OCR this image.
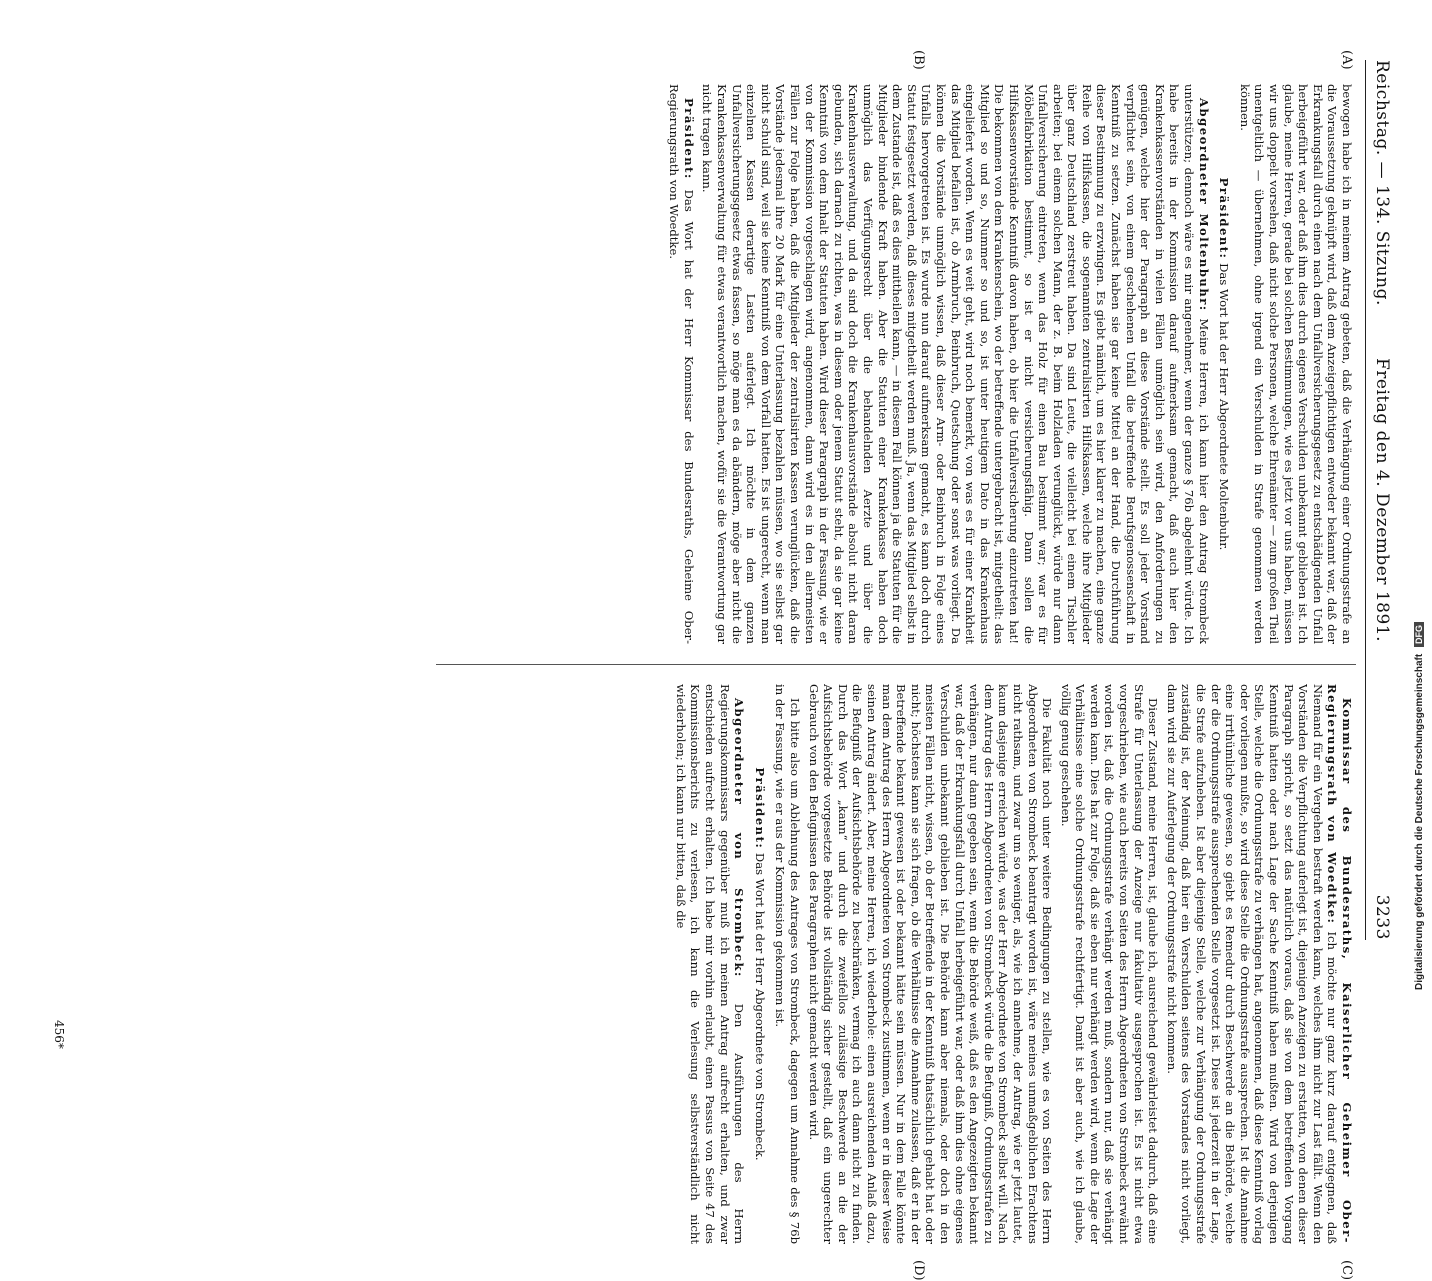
Reichstag. — 134. Sitzung.
Freitag den 4. Dezember 1891.
3233
(A)
(B)
(C)
(D)

bewogen habe ich in meinem Antrag gebeten, daß die Verhängung einer Ordnungsstrafe an die Voraussetzung geknüpft wird, daß dem Anzeigepflichtigen entweder bekannt war, daß der Erkrankungsfall durch einen nach dem Unfallversicherungsgesetz zu entschädigenden Unfall herbeigeführt war, oder daß ihm dies durch eigenes Verschulden unbekannt geblieben ist. Ich glaube, meine Herren, gerade bei solchen Bestimmungen, wie es jetzt vor uns haben, müssen wir uns doppelt vorsehen, daß nicht solche Personen, welche Ehrenämter — zum großen Theil unentgeltlich — übernehmen, ohne irgend ein Verschulden in Strafe genommen werden können.

Präsident: Das Wort hat der Herr Abgeordnete Moltenbuhr.

Abgeordneter Moltenbuhr: Meine Herren, ich kann hier den Antrag Strombeck unterstützen; dennoch wäre es mir angenehmer, wenn der ganze § 76b abgelehnt würde. Ich habe bereits in der Kommission darauf aufmerksam gemacht, daß auch hier den Krankenkassenvorständen in vielen Fällen unmöglich sein wird, den Anforderungen zu genügen, welche hier der Paragraph an diese Vorstände stellt. Es soll jeder Vorstand verpflichtet sein, von einem geschehenen Unfall die betreffende Berufsgenossenschaft in Kenntniß zu setzen. Zunächst haben sie gar keine Mittel an der Hand, die Durchführung dieser Bestimmung zu erzwingen. Es giebt nämlich, um es hier klarer zu machen, eine ganze Reihe von Hilfskassen, die sogenannten zentralisirten Hilfskassen, welche ihre Mitglieder über ganz Deutschland zerstreut haben. Da sind Leute, die vielleicht bei einem Tischler arbeiten; bei einem solchen Mann, der z. B. beim Holzladen verunglückt, würde nur dann Unfallversicherung eintreten, wenn das Holz für einen Bau bestimmt war; war es für Möbelfabrikation bestimmt, so ist er nicht versicherungsfähig. Dann sollen die Hilfskassenvorstände Kenntniß davon haben, ob hier die Unfallversicherung einzutreten hat! Die bekommen von dem Krankenschein, wo der betreffende untergebracht ist, mitgetheilt: das Mitglied so und so, Nummer so und so, ist unter heutigem Dato in das Krankenhaus eingeliefert worden. Wenn es weit geht, wird noch bemerkt, von was es für einer Krankheit das Mitglied befallen ist, ob Armbruch, Beinbruch, Quetschung oder sonst was vorliegt. Da können die Vorstände unmöglich wissen, daß dieser Arm- oder Beinbruch in Folge eines Unfalls hervorgetreten ist. Es wurde nun darauf aufmerksam gemacht, es kann doch durch Statut festgesetzt werden, daß dieses mitgetheilt werden muß. Ja, wenn das Mitglied selbst in dem Zustande ist, daß es dies mittheilen kann, — in diesem Fall können ja die Statuten für die Mitglieder bindende Kraft haben. Aber die Statuten einer Krankenkasse haben doch unmöglich das Verfügungsrecht über die behandelnden Aerzte und über die Krankenhausverwaltung, und da sind doch die Krankenhausvorstände absolut nicht daran gebunden, sich darnach zu richten, was in diesem oder jenem Statut steht, da sie gar keine Kenntniß von dem Inhalt der Statuten haben. Wird dieser Paragraph in der Fassung, wie er von der Kommission vorgeschlagen wird, angenommen, dann wird es in den allermeisten Fällen zur Folge haben, daß die Mitglieder der zentralisirten Kassen verunglücken, daß die Vorstände jedesmal ihre 20 Mark für eine Unterlassung bezahlen müssen, wo sie selbst gar nicht schuld sind, weil sie keine Kenntniß von dem Vorfall hatten. Es ist ungerecht, wenn man einzelnen Kassen derartige Lasten auferlegt. Ich möchte in dem ganzen Unfallversicherungsgesetz etwas fassen, so möge man es da abändern, möge aber nicht die Krankenkassenverwaltung für etwas verantwortlich machen, wofür sie die Verantwortung gar nicht tragen kann.

Präsident: Das Wort hat der Herr Kommissar des Bundesraths, Geheime Ober-Regierungsrath von Woedtke.

Kommissar des Bundesraths, Kaiserlicher Geheimer Ober-Regierungsrath von Woedtke: Ich möchte nur ganz kurz darauf entgegnen, daß Niemand für ein Vergehen bestraft werden kann, welches ihm nicht zur Last fällt. Wenn den Vorständen die Verpflichtung auferlegt ist, diejenigen Anzeigen zu erstatten, von denen dieser Paragraph spricht, so setzt das natürlich voraus, daß sie von dem betreffenden Vorgang Kenntniß hatten oder nach Lage der Sache Kenntniß haben mußten. Wird von derjenigen Stelle, welche die Ordnungsstrafe zu verhängen hat, angenommen, daß diese Kenntniß vorlag oder vorliegen mußte, so wird diese Stelle die Ordnungsstrafe aussprechen. Ist die Annahme eine irrthümliche gewesen, so giebt es Remedur durch Beschwerde an die Behörde, welche der die Ordnungsstrafe aussprechenden Stelle vorgesetzt ist. Diese ist jederzeit in der Lage, die Strafe aufzuheben. Ist aber diejenige Stelle, welche zur Verhängung der Ordnungsstrafe zuständig ist, der Meinung, daß hier ein Verschulden seitens des Vorstandes nicht vorliegt, dann wird sie zur Auferlegung der Ordnungsstrafe nicht kommen.

Dieser Zustand, meine Herren, ist, glaube ich, ausreichend gewährleistet dadurch, daß eine Strafe für Unterlassung der Anzeige nur fakultativ ausgesprochen ist. Es ist nicht etwa vorgeschrieben, wie auch bereits von Seiten des Herrn Abgeordneten von Strombeck erwähnt worden ist, daß die Ordnungsstrafe verhängt werden muß, sondern nur, daß sie verhängt werden kann. Dies hat zur Folge, daß sie eben nur verhängt werden wird, wenn die Lage der Verhältnisse eine solche Ordnungsstrafe rechtfertigt. Damit ist aber auch, wie ich glaube, völlig genug geschehen.

Die Fakultät noch unter weitere Bedingungen zu stellen, wie es von Seiten des Herrn Abgeordneten von Strombeck beantragt worden ist, wäre meines unmaßgeblichen Erachtens nicht rathsam, und zwar um so weniger, als, wie ich annehme, der Antrag, wie er jetzt lautet, kaum dasjenige erreichen würde, was der Herr Abgeordnete von Strombeck selbst will. Nach dem Antrag des Herrn Abgeordneten von Strombeck würde die Befugniß, Ordnungsstrafen zu verhängen, nur dann gegeben sein, wenn die Behörde weiß, daß es den Angezeigten bekannt war, daß der Erkrankungsfall durch Unfall herbeigeführt war, oder daß ihm dies ohne eigenes Verschulden unbekannt geblieben ist. Die Behörde kann aber niemals, oder doch in den meisten Fällen nicht, wissen, ob der Betreffende in der Kenntniß thatsächlich gehabt hat oder nicht; höchstens kann sie sich fragen, ob die Verhältnisse die Annahme zulassen, daß er in der Betreffende bekannt gewesen ist oder bekannt hätte sein müssen. Nur in dem Falle könnte man dem Antrag des Herrn Abgeordneten von Strombeck zustimmen, wenn er in dieser Weise seinen Antrag ändert. Aber, meine Herren, ich wiederhole: einen ausreichenden Anlaß dazu, die Befugniß der Aufsichtsbehörde zu beschränken, vermag ich auch dann nicht zu finden. Durch das Wort „kann“ und durch die zweifellos zulässige Beschwerde an die der Aufsichtsbehörde vorgesetzte Behörde ist vollständig sicher gestellt, daß ein ungerechter Gebrauch von den Befugnissen des Paragraphen nicht gemacht werden wird.

Ich bitte also um Ablehnung des Antrages von Strombeck, dagegen um Annahme des § 76b in der Fassung, wie er aus der Kommission gekommen ist.

Präsident: Das Wort hat der Herr Abgeordnete von Strombeck.

Abgeordneter von Strombeck: Den Ausführungen des Herrn Regierungskommissars gegenüber muß ich meinen Antrag aufrecht erhalten, und zwar entschieden aufrecht erhalten. Ich habe mir vorhin erlaubt, einen Passus von Seite 47 des Kommissionsberichts zu verlesen, ich kann die Verlesung selbstverständlich nicht wiederholen; ich kann nur bitten, daß die

456*
Digitalisierung gefördert durch die Deutsche Forschungsgemeinschaft DFG
